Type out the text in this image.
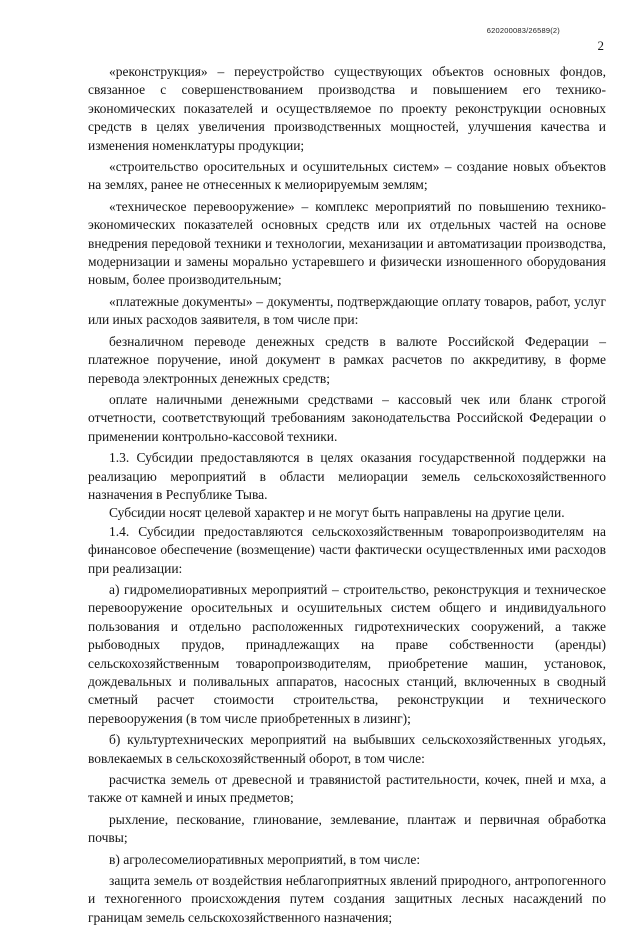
620200083/26589(2)
2

«реконструкция» – переустройство существующих объектов основных фондов, связанное с совершенствованием производства и повышением его технико-экономических показателей и осуществляемое по проекту реконструкции основных средств в целях увеличения производственных мощностей, улучшения качества и изменения номенклатуры продукции;

«строительство оросительных и осушительных систем» – создание новых объектов на землях, ранее не отнесенных к мелиорируемым землям;

«техническое перевооружение» – комплекс мероприятий по повышению технико-экономических показателей основных средств или их отдельных частей на основе внедрения передовой техники и технологии, механизации и автоматизации производства, модернизации и замены морально устаревшего и физически изношенного оборудования новым, более производительным;

«платежные документы» – документы, подтверждающие оплату товаров, работ, услуг или иных расходов заявителя, в том числе при:

безналичном переводе денежных средств в валюте Российской Федерации – платежное поручение, иной документ в рамках расчетов по аккредитиву, в форме перевода электронных денежных средств;

оплате наличными денежными средствами – кассовый чек или бланк строгой отчетности, соответствующий требованиям законодательства Российской Федерации о применении контрольно-кассовой техники.

1.3. Субсидии предоставляются в целях оказания государственной поддержки на реализацию мероприятий в области мелиорации земель сельскохозяйственного назначения в Республике Тыва.

Субсидии носят целевой характер и не могут быть направлены на другие цели.

1.4. Субсидии предоставляются сельскохозяйственным товаропроизводителям на финансовое обеспечение (возмещение) части фактически осуществленных ими расходов при реализации:

а) гидромелиоративных мероприятий – строительство, реконструкция и техническое перевооружение оросительных и осушительных систем общего и индивидуального пользования и отдельно расположенных гидротехнических сооружений, а также рыбоводных прудов, принадлежащих на праве собственности (аренды) сельскохозяйственным товаропроизводителям, приобретение машин, установок, дождевальных и поливальных аппаратов, насосных станций, включенных в сводный сметный расчет стоимости строительства, реконструкции и технического перевооружения (в том числе приобретенных в лизинг);

б) культуртехнических мероприятий на выбывших сельскохозяйственных угодьях, вовлекаемых в сельскохозяйственный оборот, в том числе:

расчистка земель от древесной и травянистой растительности, кочек, пней и мха, а также от камней и иных предметов;

рыхление, пескование, глинование, землевание, плантаж и первичная обработка почвы;

в) агролесомелиоративных мероприятий, в том числе:

защита земель от воздействия неблагоприятных явлений природного, антропогенного и техногенного происхождения путем создания защитных лесных насаждений по границам земель сельскохозяйственного назначения;
